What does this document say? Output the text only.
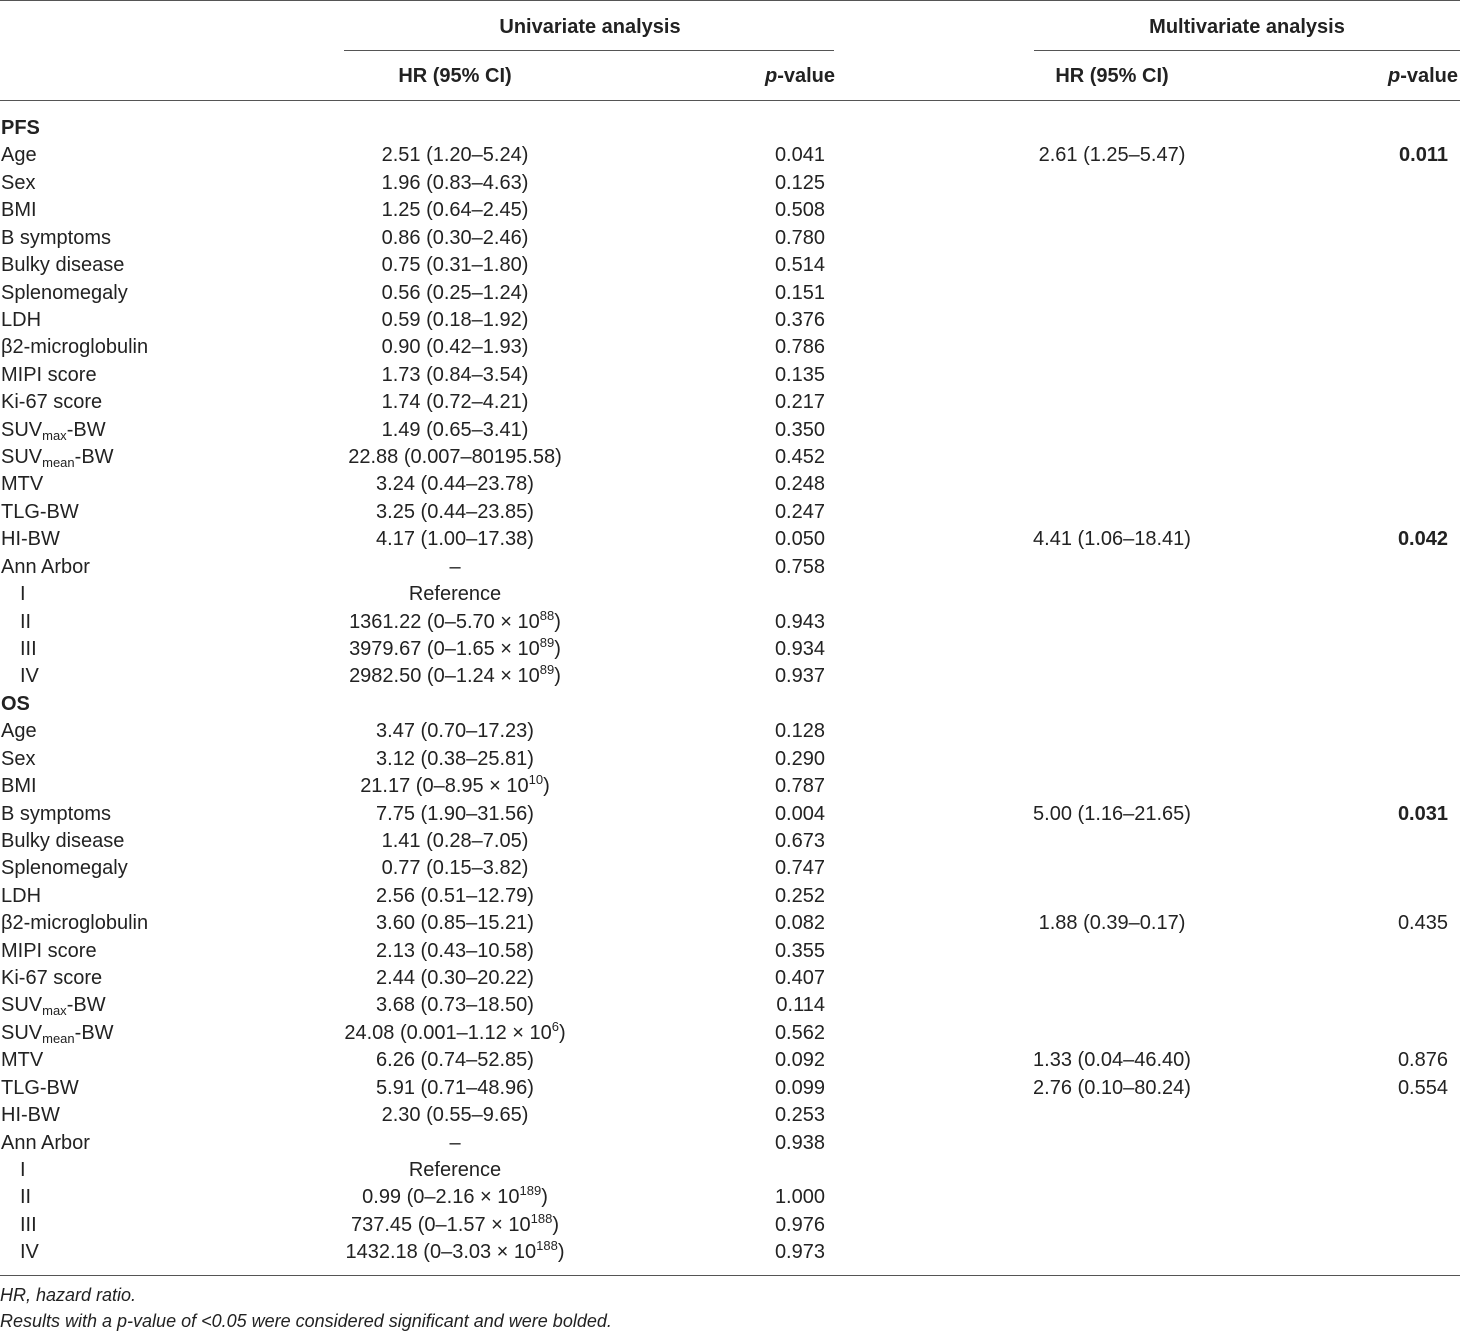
Univariate analysis	Multivariate analysis
HR (95% CI)	p-value	HR (95% CI)	p-value
PFS
Age	2.51 (1.20–5.24)	0.041	2.61 (1.25–5.47)	0.011
Sex	1.96 (0.83–4.63)	0.125
BMI	1.25 (0.64–2.45)	0.508
B symptoms	0.86 (0.30–2.46)	0.780
Bulky disease	0.75 (0.31–1.80)	0.514
Splenomegaly	0.56 (0.25–1.24)	0.151
LDH	0.59 (0.18–1.92)	0.376
β2-microglobulin	0.90 (0.42–1.93)	0.786
MIPI score	1.73 (0.84–3.54)	0.135
Ki-67 score	1.74 (0.72–4.21)	0.217
$SUV_{max}-BW$	1.49 (0.65–3.41)	0.350
$SUV_{mean}-BW$	22.88 (0.007–80195.58)	0.452
MTV	3.24 (0.44–23.78)	0.248
TLG-BW	3.25 (0.44–23.85)	0.247
HI-BW	4.17 (1.00–17.38)	0.050	4.41 (1.06–18.41)	0.042
Ann Arbor	–	0.758
I	Reference
II	1361.22 $(0-5.70 \times 10^{88})$	0.943
III	3979.67 $(0-1.65 \times 10^{89})$	0.934
IV	2982.50 $(0-1.24 \times 10^{89})$	0.937
OS
Age	3.47 (0.70–17.23)	0.128
Sex	3.12 (0.38–25.81)	0.290
BMI	21.17 $(0-8.95 \times 10^{10})$	0.787
B symptoms	7.75 (1.90–31.56)	0.004	5.00 (1.16–21.65)	0.031
Bulky disease	1.41 (0.28–7.05)	0.673
Splenomegaly	0.77 (0.15–3.82)	0.747
LDH	2.56 (0.51–12.79)	0.252
β2-microglobulin	3.60 (0.85–15.21)	0.082	1.88 (0.39–0.17)	0.435
MIPI score	2.13 (0.43–10.58)	0.355
Ki-67 score	2.44 (0.30–20.22)	0.407
$SUV_{max}-BW$	3.68 (0.73–18.50)	0.114
$SUV_{mean}-BW$	24.08 $(0.001-1.12 \times 10^6)$	0.562
MTV	6.26 (0.74–52.85)	0.092	1.33 (0.04–46.40)	0.876
TLG-BW	5.91 (0.71–48.96)	0.099	2.76 (0.10–80.24)	0.554
HI-BW	2.30 (0.55–9.65)	0.253
Ann Arbor	–	0.938
I	Reference
II	0.99 $(0-2.16 \times 10^{189})$	1.000
III	737.45 $(0-1.57 \times 10^{188})$	0.976
IV	1432.18 $(0-3.03 \times 10^{188})$	0.973
HR, hazard ratio.
Results with a p-value of <0.05 were considered significant and were bolded.
